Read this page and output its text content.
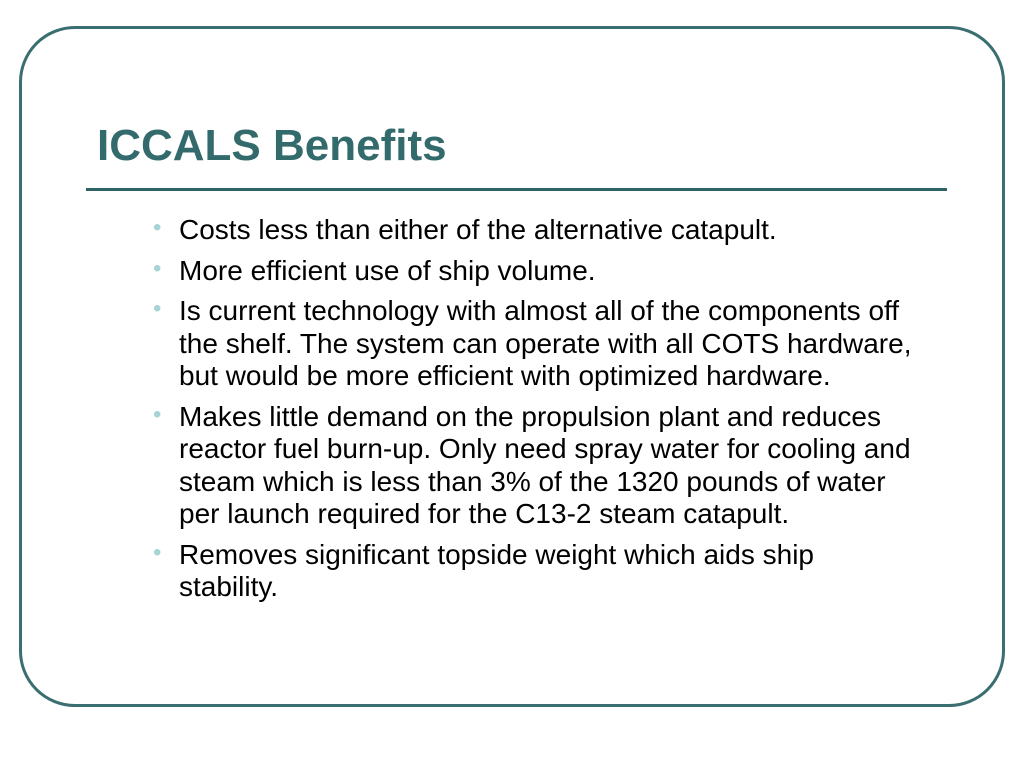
ICCALS Benefits
• Costs less than either of the alternative catapult.
• More efficient use of ship volume.
• Is current technology with almost all of the components off the shelf. The system can operate with all COTS hardware, but would be more efficient with optimized hardware.
• Makes little demand on the propulsion plant and reduces reactor fuel burn-up. Only need spray water for cooling and steam which is less than 3% of the 1320 pounds of water per launch required for the C13-2 steam catapult.
• Removes significant topside weight which aids ship stability.
